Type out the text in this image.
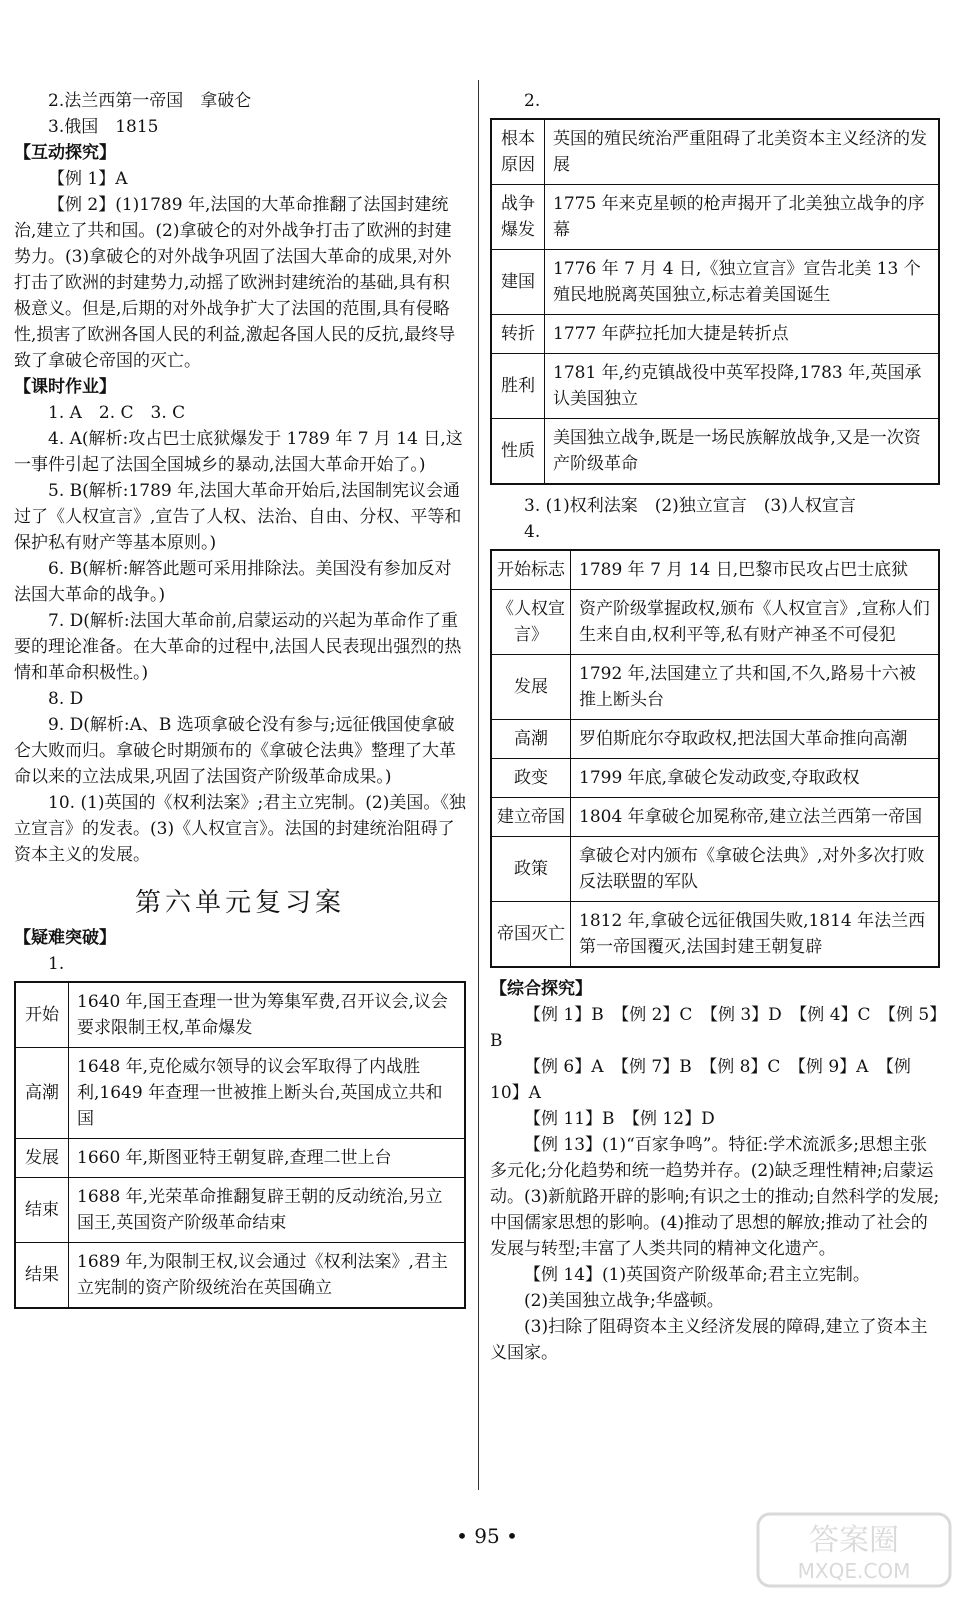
2.法兰西第一帝国　拿破仑
3.俄国　1815
【互动探究】
【例 1】A
【例 2】(1)1789 年,法国的大革命推翻了法国封建统治,建立了共和国。(2)拿破仑的对外战争打击了欧洲的封建势力。(3)拿破仑的对外战争巩固了法国大革命的成果,对外打击了欧洲的封建势力,动摇了欧洲封建统治的基础,具有积极意义。但是,后期的对外战争扩大了法国的范围,具有侵略性,损害了欧洲各国人民的利益,激起各国人民的反抗,最终导致了拿破仑帝国的灭亡。
【课时作业】
1. A　2. C　3. C
4. A(解析:攻占巴士底狱爆发于 1789 年 7 月 14 日,这一事件引起了法国全国城乡的暴动,法国大革命开始了。)
5. B(解析:1789 年,法国大革命开始后,法国制宪议会通过了《人权宣言》,宣告了人权、法治、自由、分权、平等和保护私有财产等基本原则。)
6. B(解析:解答此题可采用排除法。美国没有参加反对法国大革命的战争。)
7. D(解析:法国大革命前,启蒙运动的兴起为革命作了重要的理论准备。在大革命的过程中,法国人民表现出强烈的热情和革命积极性。)
8. D
9. D(解析:A、B 选项拿破仑没有参与;远征俄国使拿破仑大败而归。拿破仑时期颁布的《拿破仑法典》整理了大革命以来的立法成果,巩固了法国资产阶级革命成果。)
10. (1)英国的《权利法案》;君主立宪制。(2)美国。《独立宣言》的发表。(3)《人权宣言》。法国的封建统治阻碍了资本主义的发展。
第六单元复习案
【疑难突破】
1.
开始	1640 年,国王查理一世为筹集军费,召开议会,议会要求限制王权,革命爆发
高潮	1648 年,克伦威尔领导的议会军取得了内战胜利,1649 年查理一世被推上断头台,英国成立共和国
发展	1660 年,斯图亚特王朝复辟,查理二世上台
结束	1688 年,光荣革命推翻复辟王朝的反动统治,另立国王,英国资产阶级革命结束
结果	1689 年,为限制王权,议会通过《权利法案》,君主立宪制的资产阶级统治在英国确立
2.
根本原因	英国的殖民统治严重阻碍了北美资本主义经济的发展
战争爆发	1775 年来克星顿的枪声揭开了北美独立战争的序幕
建国	1776 年 7 月 4 日,《独立宣言》宣告北美 13 个殖民地脱离英国独立,标志着美国诞生
转折	1777 年萨拉托加大捷是转折点
胜利	1781 年,约克镇战役中英军投降,1783 年,英国承认美国独立
性质	美国独立战争,既是一场民族解放战争,又是一次资产阶级革命
3. (1)权利法案　(2)独立宣言　(3)人权宣言
4.
开始标志	1789 年 7 月 14 日,巴黎市民攻占巴士底狱
《人权宣言》	资产阶级掌握政权,颁布《人权宣言》,宣称人们生来自由,权利平等,私有财产神圣不可侵犯
发展	1792 年,法国建立了共和国,不久,路易十六被推上断头台
高潮	罗伯斯庇尔夺取政权,把法国大革命推向高潮
政变	1799 年底,拿破仑发动政变,夺取政权
建立帝国	1804 年拿破仑加冕称帝,建立法兰西第一帝国
政策	拿破仑对内颁布《拿破仑法典》,对外多次打败反法联盟的军队
帝国灭亡	1812 年,拿破仑远征俄国失败,1814 年法兰西第一帝国覆灭,法国封建王朝复辟
【综合探究】
【例 1】B　【例 2】C　【例 3】D　【例 4】C　【例 5】B
【例 6】A　【例 7】B　【例 8】C　【例 9】A　【例 10】A
【例 11】B　【例 12】D
【例 13】(1)“百家争鸣”。特征:学术流派多;思想主张多元化;分化趋势和统一趋势并存。(2)缺乏理性精神;启蒙运动。(3)新航路开辟的影响;有识之士的推动;自然科学的发展;中国儒家思想的影响。(4)推动了思想的解放;推动了社会的发展与转型;丰富了人类共同的精神文化遗产。
【例 14】(1)英国资产阶级革命;君主立宪制。
(2)美国独立战争;华盛顿。
(3)扫除了阻碍资本主义经济发展的障碍,建立了资本主义国家。
• 95 •	答案圈
MXQE.COM
